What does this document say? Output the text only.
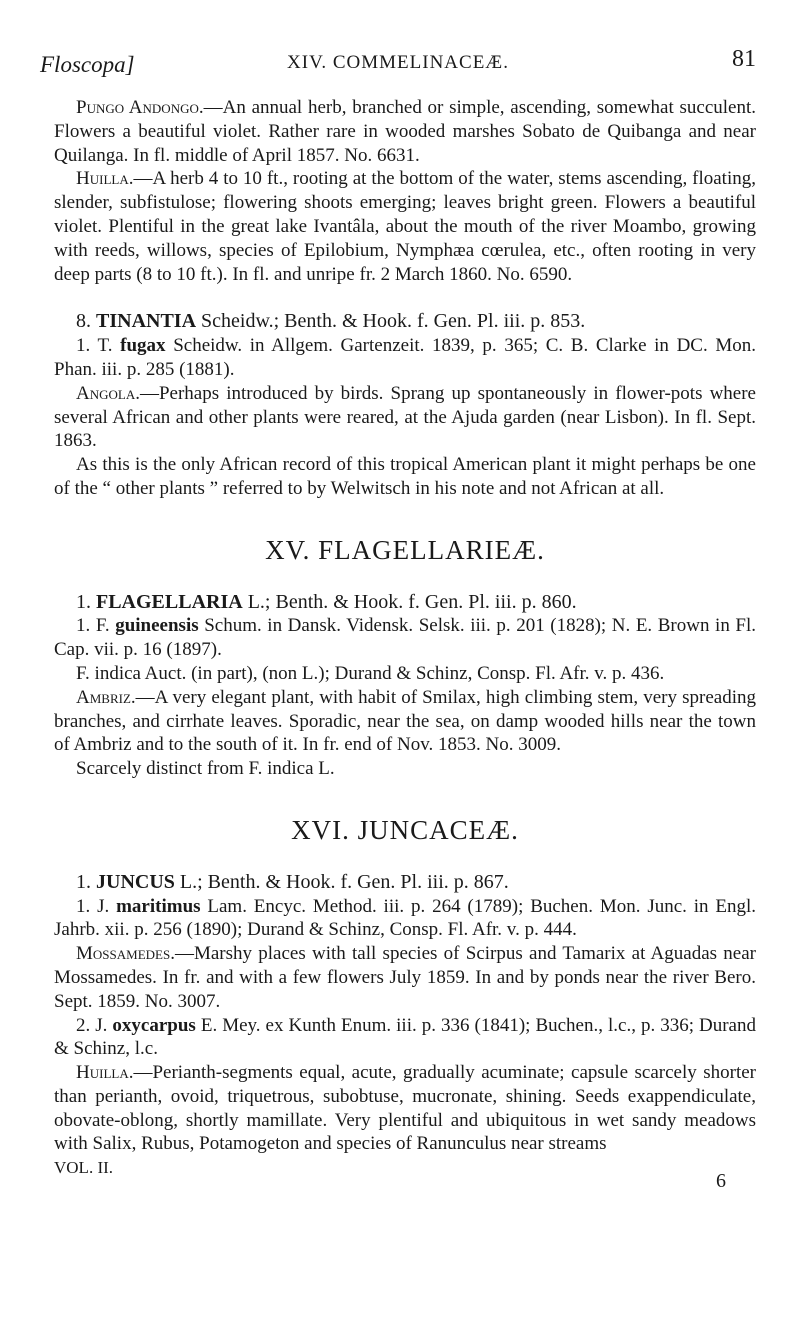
Floscopa]	XIV. COMMELINACEÆ.	81

Pungo Andongo.—An annual herb, branched or simple, ascending, somewhat succulent. Flowers a beautiful violet. Rather rare in wooded marshes Sobato de Quibanga and near Quilanga. In fl. middle of April 1857. No. 6631.

Huilla.—A herb 4 to 10 ft., rooting at the bottom of the water, stems ascending, floating, slender, subfistulose; flowering shoots emerging; leaves bright green. Flowers a beautiful violet. Plentiful in the great lake Ivantâla, about the mouth of the river Moambo, growing with reeds, willows, species of Epilobium, Nymphæa cœrulea, etc., often rooting in very deep parts (8 to 10 ft.). In fl. and unripe fr. 2 March 1860. No. 6590.

8. TINANTIA Scheidw.; Benth. & Hook. f. Gen. Pl. iii. p. 853.

1. T. fugax Scheidw. in Allgem. Gartenzeit. 1839, p. 365; C. B. Clarke in DC. Mon. Phan. iii. p. 285 (1881).

Angola.—Perhaps introduced by birds. Sprang up spontaneously in flower-pots where several African and other plants were reared, at the Ajuda garden (near Lisbon). In fl. Sept. 1863.

As this is the only African record of this tropical American plant it might perhaps be one of the “ other plants ” referred to by Welwitsch in his note and not African at all.

XV. FLAGELLARIEÆ.

1. FLAGELLARIA L.; Benth. & Hook. f. Gen. Pl. iii. p. 860.

1. F. guineensis Schum. in Dansk. Vidensk. Selsk. iii. p. 201 (1828); N. E. Brown in Fl. Cap. vii. p. 16 (1897).

F. indica Auct. (in part), (non L.); Durand & Schinz, Consp. Fl. Afr. v. p. 436.

Ambriz.—A very elegant plant, with habit of Smilax, high climbing stem, very spreading branches, and cirrhate leaves. Sporadic, near the sea, on damp wooded hills near the town of Ambriz and to the south of it. In fr. end of Nov. 1853. No. 3009.

Scarcely distinct from F. indica L.

XVI. JUNCACEÆ.

1. JUNCUS L.; Benth. & Hook. f. Gen. Pl. iii. p. 867.

1. J. maritimus Lam. Encyc. Method. iii. p. 264 (1789); Buchen. Mon. Junc. in Engl. Jahrb. xii. p. 256 (1890); Durand & Schinz, Consp. Fl. Afr. v. p. 444.

Mossamedes.—Marshy places with tall species of Scirpus and Tamarix at Aguadas near Mossamedes. In fr. and with a few flowers July 1859. In and by ponds near the river Bero. Sept. 1859. No. 3007.

2. J. oxycarpus E. Mey. ex Kunth Enum. iii. p. 336 (1841); Buchen., l.c., p. 336; Durand & Schinz, l.c.

Huilla.—Perianth-segments equal, acute, gradually acuminate; capsule scarcely shorter than perianth, ovoid, triquetrous, subobtuse, mucronate, shining. Seeds exappendiculate, obovate-oblong, shortly mamillate. Very plentiful and ubiquitous in wet sandy meadows with Salix, Rubus, Potamogeton and species of Ranunculus near streams

VOL. II.
6
